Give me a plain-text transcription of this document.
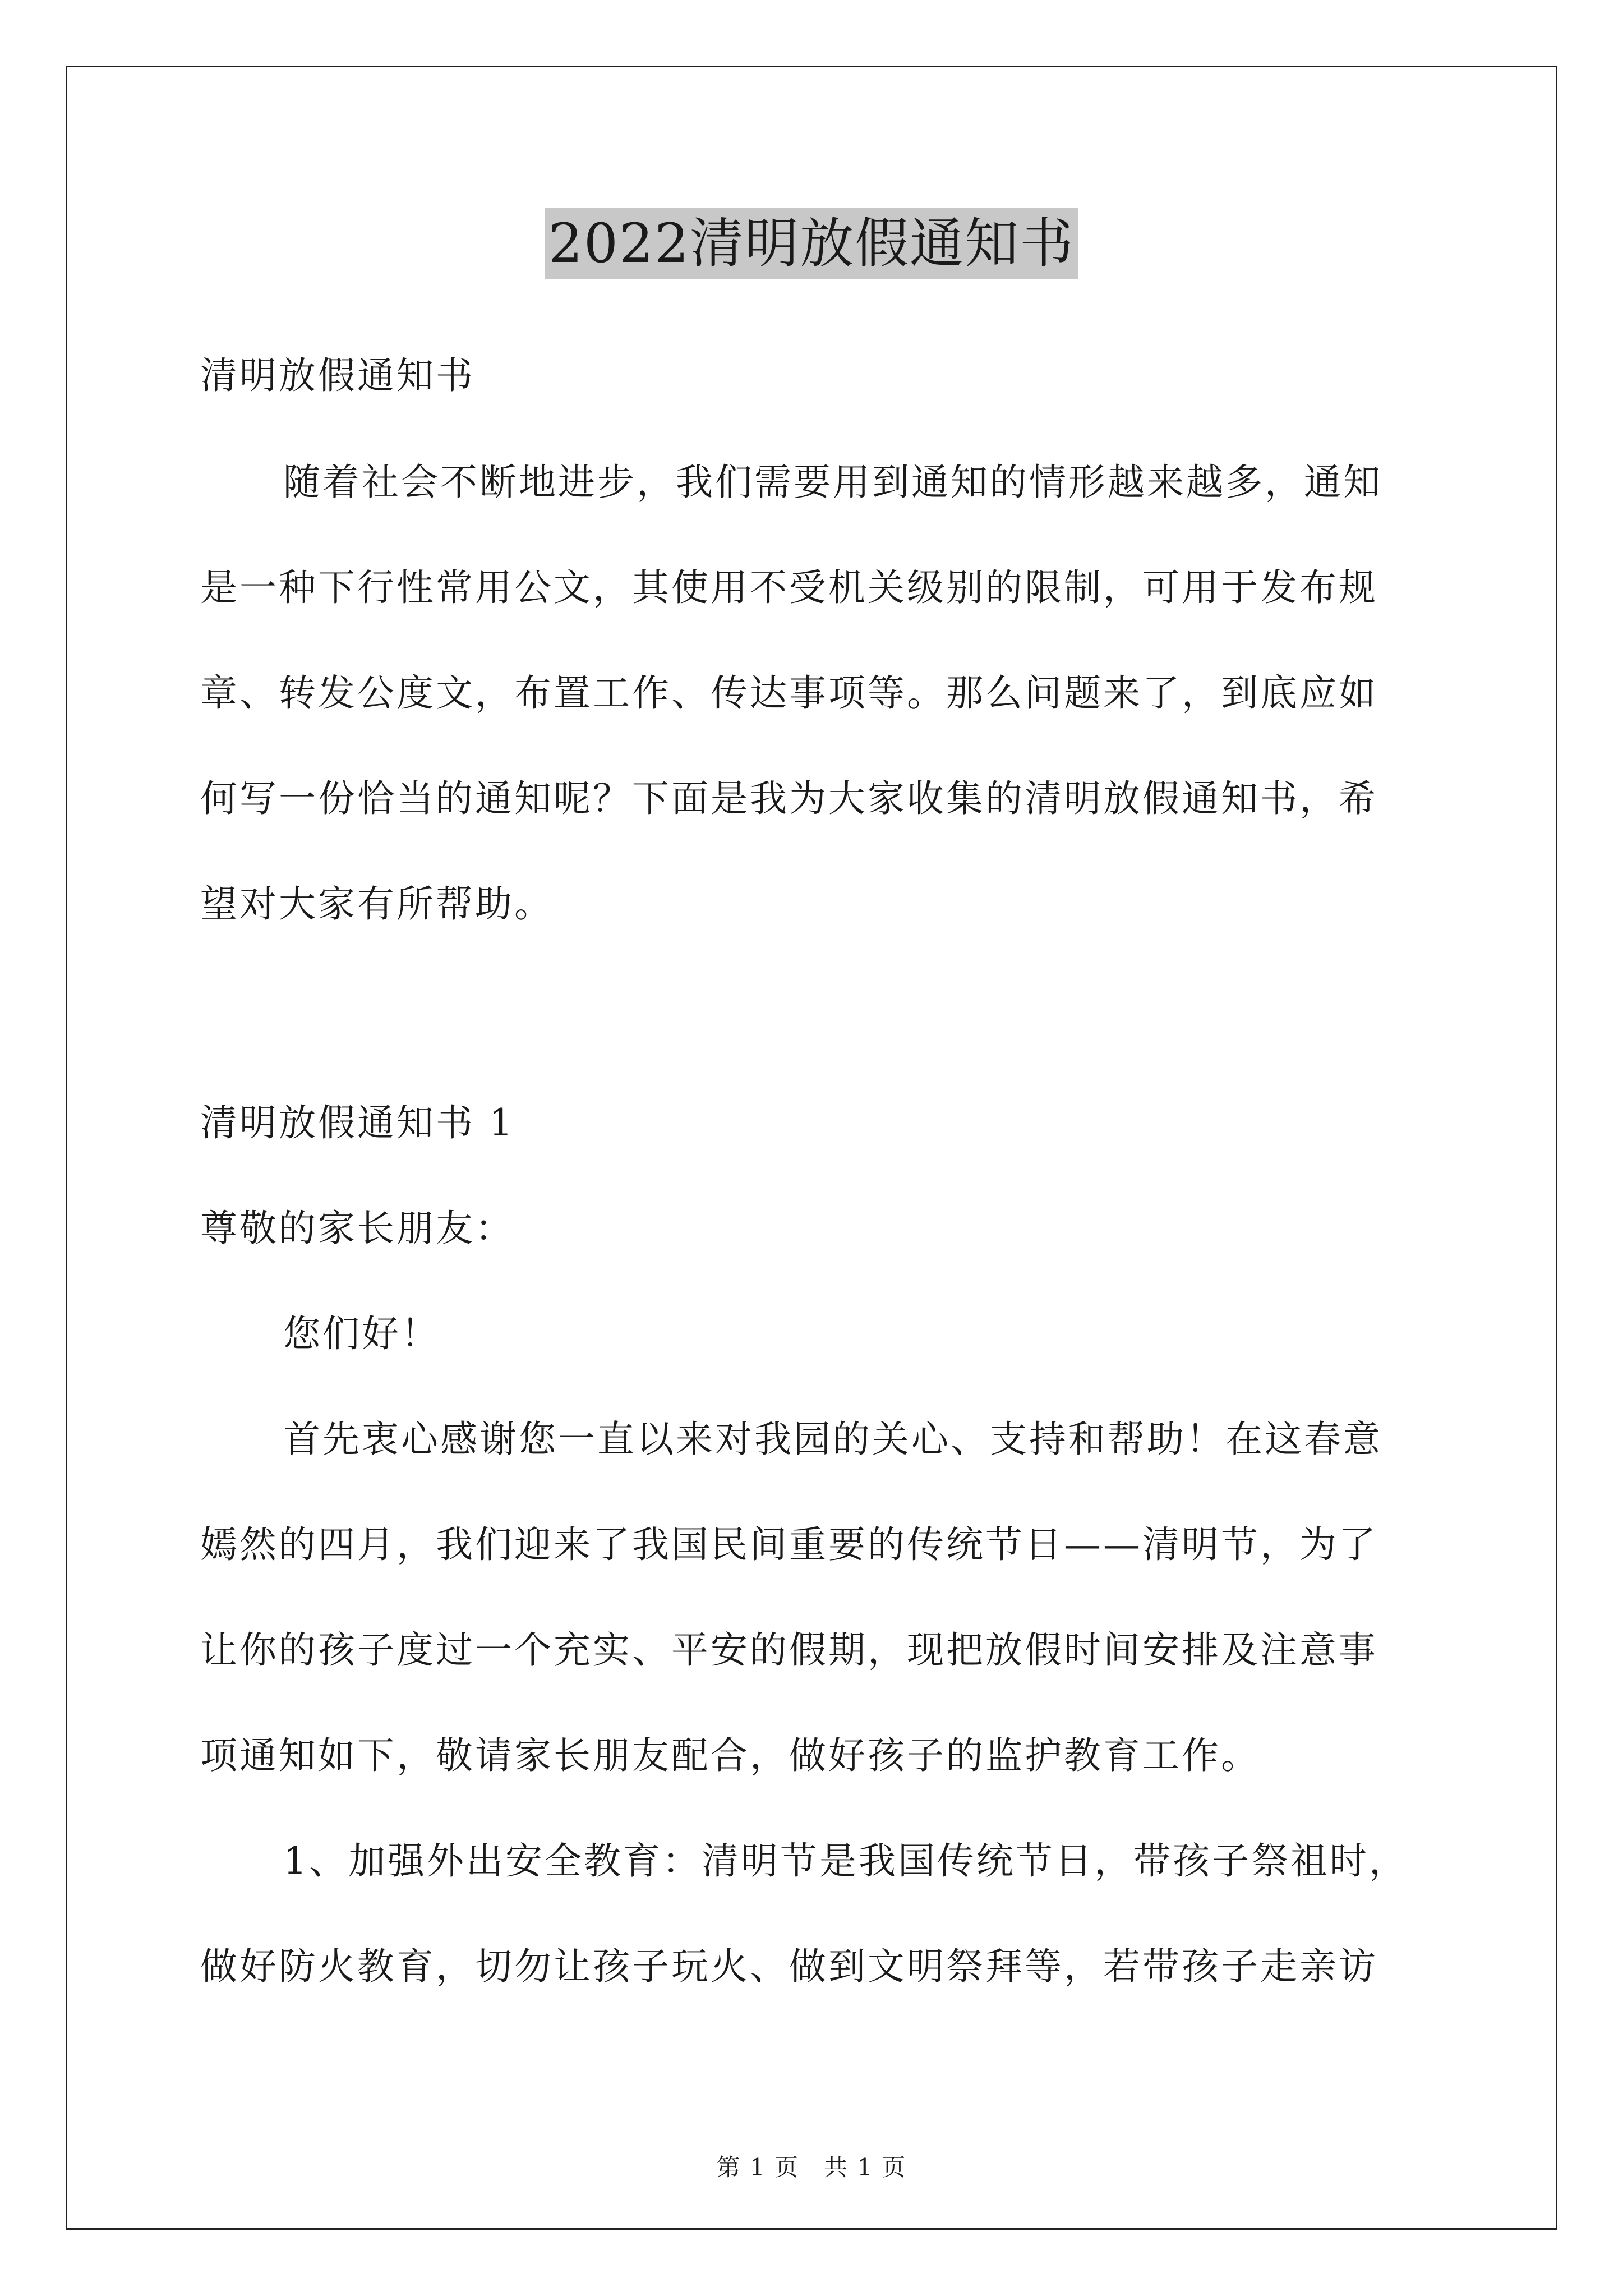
2022清明放假通知书
清明放假通知书
随着社会不断地进步，我们需要用到通知的情形越来越多，通知
是一种下行性常用公文，其使用不受机关级别的限制，可用于发布规
章、转发公度文，布置工作、传达事项等。那么问题来了，到底应如
何写一份恰当的通知呢？下面是我为大家收集的清明放假通知书，希
望对大家有所帮助。
清明放假通知书 1
尊敬的家长朋友：
您们好！
首先衷心感谢您一直以来对我园的关心、支持和帮助！在这春意
嫣然的四月，我们迎来了我国民间重要的传统节日——清明节，为了
让你的孩子度过一个充实、平安的假期，现把放假时间安排及注意事
项通知如下，敬请家长朋友配合，做好孩子的监护教育工作。
1、加强外出安全教育：清明节是我国传统节日，带孩子祭祖时，
做好防火教育，切勿让孩子玩火、做到文明祭拜等，若带孩子走亲访
第 1 页 共 1 页
